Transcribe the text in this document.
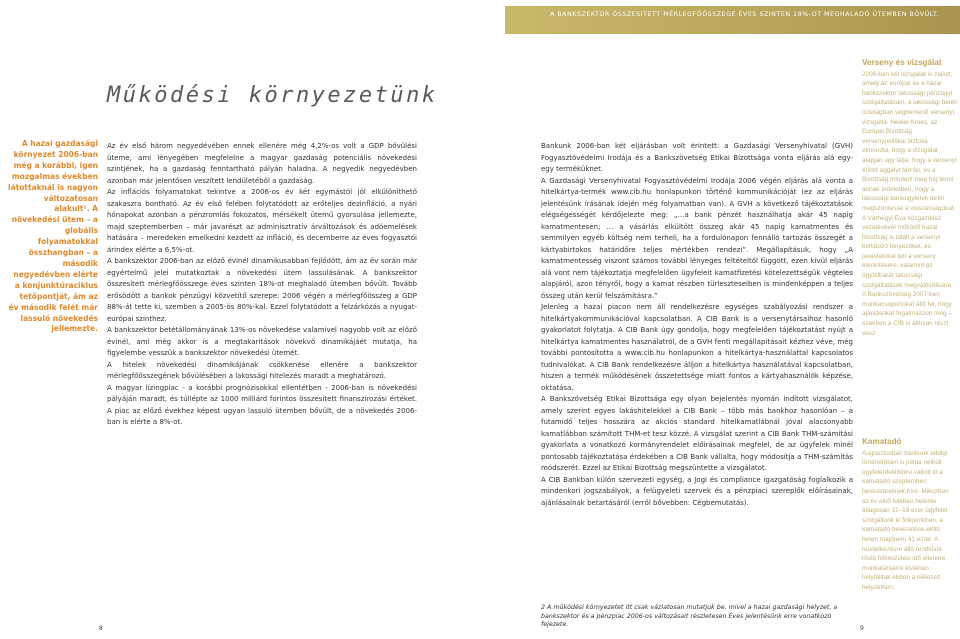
A BANKSZEKTOR ÖSSZESÍTETT MÉRLEGFŐÖSSZEGE ÉVES SZINTEN 18%-OT MEGHALADÓ ÜTEMBEN BŐVÜLT.
Működési környezetünk

A hazai gazdasági környezet 2006-ban még a korábbi, igen mozgalmas években látottaknál is nagyon változatosan alakult¹. A növekedési ütem – a globális folyamatokkal összhangban – a második negyedévben elérte a konjunktúraciklus tetőpontját, ám az év második felét már lassuló növekedés jellemezte.

Az év első három negyedévében ennek ellenére még 4,2%-os volt a GDP bővülési üteme, ami lényegében megfelelne a magyar gazdaság potenciális növekedési szintjének, ha a gazdaság fenntartható pályán haladna. A negyedik negyedévben azonban már jelentősen veszített lendületéből a gazdaság.

Az inflációs folyamatokat tekintve a 2006-os év két egymástól jól elkülöníthető szakaszra bontható. Az év első felében folytatódott az erőteljes dezinfláció, a nyári hónapokat azonban a pénzromlás fokozatos, mérsékelt ütemű gyorsulása jellemezte, majd szeptemberben – már javarészt az adminisztratív árváltozások és adóemelések hatására – meredeken emelkedni kezdett az infláció, és decemberre az éves fogyasztói árindex elérte a 6,5%-ot.

A bankszektor 2006-ban az előző évinél dinamikusabban fejlődött, ám az év során már egyértelmű jelei mutatkoztak a növekedési ütem lassulásának. A bankszektor összesített mérlegfőösszege éves szinten 18%-ot meghaladó ütemben bővült. Tovább erősödött a bankok pénzügyi közvetítő szerepe: 2006 végén a mérlegfőösszeg a GDP 88%-át tette ki, szemben a 2005-ös 80%-kal. Ezzel folytatódott a felzárkózás a nyugat-európai szinthez.

A bankszektor betétállományának 13%-os növekedése valamivel nagyobb volt az előző évinél, ami még akkor is a megtakarítások növekvő dinamikájáét mutatja, ha figyelembe vesszük a bankszektor növekedési ütemét.

A hitelek növekedési dinamikájának csökkenése ellenére a bankszektor mérlegfőösszegének bővülésében a lakossági hitelezés maradt a meghatározó.

A magyar lízingpiac - a korábbi prognózisokkal ellentétben - 2006-ban is növekedési pályáján maradt, és túllépte az 1000 milliárd forintos összesített finanszírozási értéket. A piac az előző évekhez képest ugyan lassuló ütemben bővült, de a növekedés 2006-ban is elérte a 8%-ot.

Bankunk 2006-ban két eljárásban volt érintett: a Gazdasági Versenyhivatal (GVH) Fogyasztóvédelmi Irodája és a Bankszövetség Etikai Bizottsága vonta eljárás alá egy-egy terméküknet.

A Gazdasági Versenyhivatal Fogyasztóvédelmi Irodája 2006 végén eljárás alá vonta a hitelkártya-termék www.cib.hu honlapunkon történő kommunikációját (ez az eljárás jelentésünk írásának idején még folyamatban van). A GVH a következő tájékoztatások elégségességét kérdőjelezte meg: „…a bank pénzét használhatja akár 45 napig kamatmentesen; … a vásárlás elkültött összeg akár 45 napig kamatmentes és semmilyen egyéb költség nem terheli, ha a fordulónapon fennálló tartozás összegét a kártyabirtokos határidőre teljes mértékben rendezi”. Megállapításuk, hogy „A kamatmentesség viszont számos további lényeges feltételtől függött, ezen kívül eljárás alá vont nem tájékoztatja megfelelően ügyfeleit kamatfizetési kötelezettségük végteles alapjáról, azon tényről, hogy a kamat részben türleszteseiben is mindenképpen a teljes összeg után kerül felszámításra.”

Jelenleg a hazai piacon nem áll rendelkezésre egységes szabályozási rendszer a hitelkártyakommunikációval kapcsolatban. A CIB Bank is a versenytársaihoz hasonló gyakorlatot folytatja. A CIB Bank úgy gondolja, hogy megfelelően tájékoztatást nyújt a hitelkártya kamatmentes használatról, de a GVH fenti megállapításait kézhez véve, még további pontosította a www.cib.hu honlapunkon a hitelkártya-használattal kapcsolatos tudnivalókat. A CIB Bank rendelkezésre álljon a hitelkártya használatával kapcsolatban, hiszen a termék működésének összetettsége miatt fontos a kártyahasználók képzése, oktatása.

A Bankszövetség Etikai Bizottsága egy olyan bejelentés nyomán indított vizsgálatot, amely szerint egyes lakáshitelekkel a CIB Bank – több más bankhoz hasonlóan – a futamidő teljes hosszára az akciós standard hitelkamatlábnál jóval alacsonyabb kamatlábban számított THM-et tesz közzé. A vizsgálat szerint a CIB Bank THM-számítási gyakorlata a vonatkozó kormányrendelet előírásainak megfelel, de az ügyfelek minél pontosabb tájékoztatása érdekében a CIB Bank vállalta, hogy módosítja a THM-számítás módszerét. Ezzel az Etikai Bizottság megszüntette a vizsgálatot.

A CIB Bankban külön szervezeti egység, a Jogi és compliance igazgatóság foglalkozik a mindenkori jogszabályok, a felügyeleti szervek és a pénzpiaci szereplők előírásainak, ajánlásainak betartásáról (erről bővebben: Cégbemutatás).

Verseny és vizsgálat

2006-ban két vizsgálat is zajlott, amely az európai és a hazai bankszektor lakossági pénzügyi szolgáltatásain, a lakossági banki üzletágban végbemenő versenyt vizsgálta. Neelie Kroes, az Európai Bizottság versenypolitikai biztosa elmondta, hogy a vizsgálat alapján úgy látja, hogy a versenyt érintő aggályt tárt fel, és a Bizottság mindent meg fog tenni annak érdekében, hogy a lakossági bankügyletek terén megszüntesse a visszásságokat. A Vàrhegyi Éva közgazdász vezetésével működő hazai bizottság is talált a versenyt korlátozó tényezőket, és javaslatokat tett a verseny élénkítésére, valamint az ügyfélbarát lakossági szolgáltatások megvalósítására. A Bankszövetség 2007-ben munkacsoportokat állít fel, hogy ajánlásokat fogalmazzon meg – ezekben a CIB is aktívan részt vesz.

Kamatadó

Augusztusban bankunk eddigi történetében is példa nélküli ügyfélérdeklődést váltott ki a kamatadó szeptemberi bevezetésének híre. Mikozben az év első felében hetente átlagosan 17–19 ezer ügyfelet szolgáltunk ki fiókjainkban, a kamatadó bevezetése előtti héten majdnem 41 ezret. A rendelkezésre álló rendkívül rövid felkészülési idő ellenére munkatársaink kiválóan helytálltak ebben a kiélezett helyzetben.

2 A működési környezetet itt csak vázlatosan mutatjuk be, mivel a hazai gazdasági helyzet, a bankszektor és a pénzpiac 2006-os változásait részletesen Éves jelentésünk erre vonatkozó fejezete.
8	9
